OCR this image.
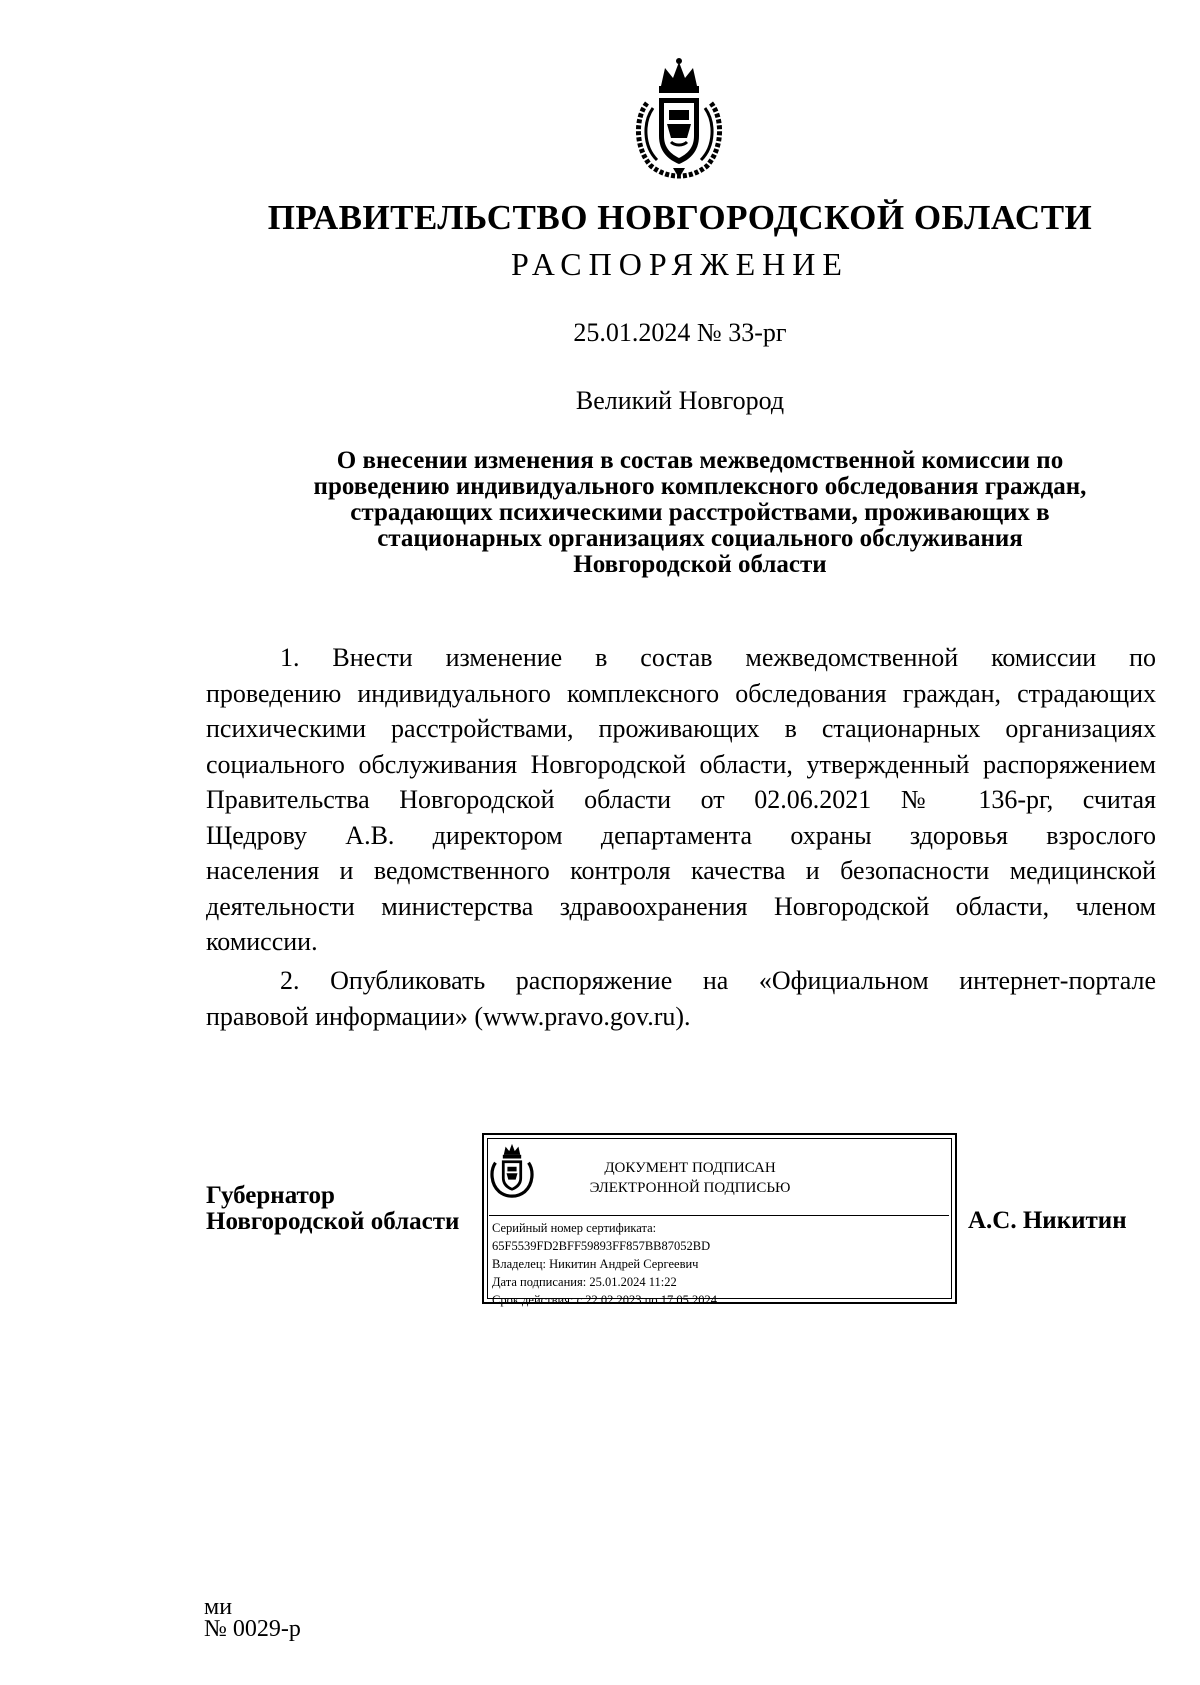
ПРАВИТЕЛЬСТВО НОВГОРОДСКОЙ ОБЛАСТИ
РАСПОРЯЖЕНИЕ
25.01.2024 № 33-рг
Великий Новгород
О внесении изменения в состав межведомственной комиссии по
проведению индивидуального комплексного обследования граждан,
страдающих психическими расстройствами, проживающих в
стационарных организациях социального обслуживания
Новгородской области
1. Внести изменение в состав межведомственной комиссии по
проведению индивидуального комплексного обследования граждан, страдающих
психическими расстройствами, проживающих в стационарных организациях
социального обслуживания Новгородской области, утвержденный распоряжением
Правительства Новгородской области от 02.06.2021 № 136-рг, считая
Щедрову А.В. директором департамента охраны здоровья взрослого
населения и ведомственного контроля качества и безопасности медицинской
деятельности министерства здравоохранения Новгородской области, членом
комиссии.
2. Опубликовать распоряжение на «Официальном интернет-портале
правовой информации» (www.pravo.gov.ru).
Губернатор
Новгородской области
ДОКУМЕНТ ПОДПИСАН
ЭЛЕКТРОННОЙ ПОДПИСЬЮ
Серийный номер сертификата:
65F5539FD2BFF59893FF857BB87052BD
Владелец: Никитин Андрей Сергеевич
Дата подписания: 25.01.2024 11:22
Срок действия: с 22.02.2023 по 17.05.2024
А.С. Никитин
ми
№ 0029-р
